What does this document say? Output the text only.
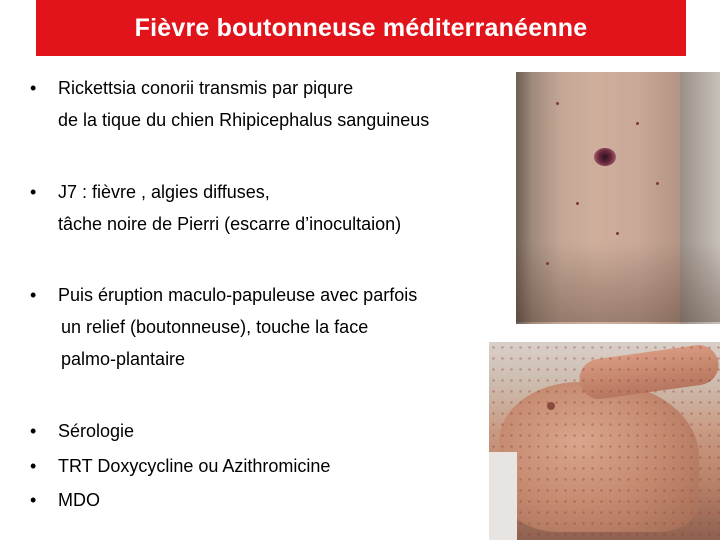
Fièvre boutonneuse méditerranéenne
•	Rickettsia conorii transmis par piqure
de la tique du chien Rhipicephalus sanguineus
•	J7 : fièvre , algies diffuses,
tâche noire de Pierri (escarre d’inocultaion)
•	Puis éruption maculo-papuleuse avec parfois
un relief (boutonneuse), touche la face
palmo-plantaire
•	Sérologie
•	TRT Doxycycline ou Azithromicine
•	MDO
